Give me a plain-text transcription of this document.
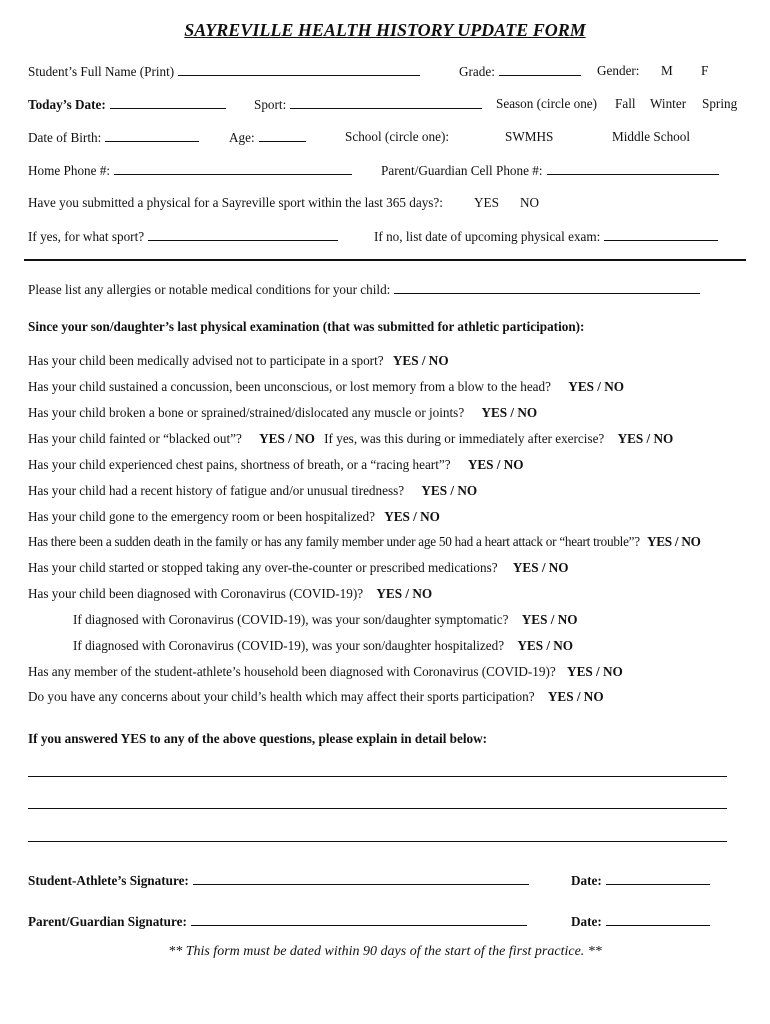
SAYREVILLE HEALTH HISTORY UPDATE FORM
Student’s Full Name (Print)	Grade:	Gender: M F
Today’s Date:	Sport:	Season (circle one) Fall Winter Spring
Date of Birth:	Age:	School (circle one):	SWMHS	Middle School
Home Phone #:	Parent/Guardian Cell Phone #:
Have you submitted a physical for a Sayreville sport within the last 365 days?: YES NO
If yes, for what sport?	If no, list date of upcoming physical exam:
Please list any allergies or notable medical conditions for your child:
Since your son/daughter’s last physical examination (that was submitted for athletic participation):
Has your child been medically advised not to participate in a sport? YES / NO
Has your child sustained a concussion, been unconscious, or lost memory from a blow to the head? YES / NO
Has your child broken a bone or sprained/strained/dislocated any muscle or joints? YES / NO
Has your child fainted or “blacked out”? YES / NO If yes, was this during or immediately after exercise? YES / NO
Has your child experienced chest pains, shortness of breath, or a “racing heart”? YES / NO
Has your child had a recent history of fatigue and/or unusual tiredness? YES / NO
Has your child gone to the emergency room or been hospitalized? YES / NO
Has there been a sudden death in the family or has any family member under age 50 had a heart attack or “heart trouble”? YES / NO
Has your child started or stopped taking any over-the-counter or prescribed medications? YES / NO
Has your child been diagnosed with Coronavirus (COVID-19)? YES / NO
If diagnosed with Coronavirus (COVID-19), was your son/daughter symptomatic? YES / NO
If diagnosed with Coronavirus (COVID-19), was your son/daughter hospitalized? YES / NO
Has any member of the student-athlete’s household been diagnosed with Coronavirus (COVID-19)? YES / NO
Do you have any concerns about your child’s health which may affect their sports participation? YES / NO
If you answered YES to any of the above questions, please explain in detail below:
Student-Athlete’s Signature:	Date:
Parent/Guardian Signature:	Date:
** This form must be dated within 90 days of the start of the first practice. **
